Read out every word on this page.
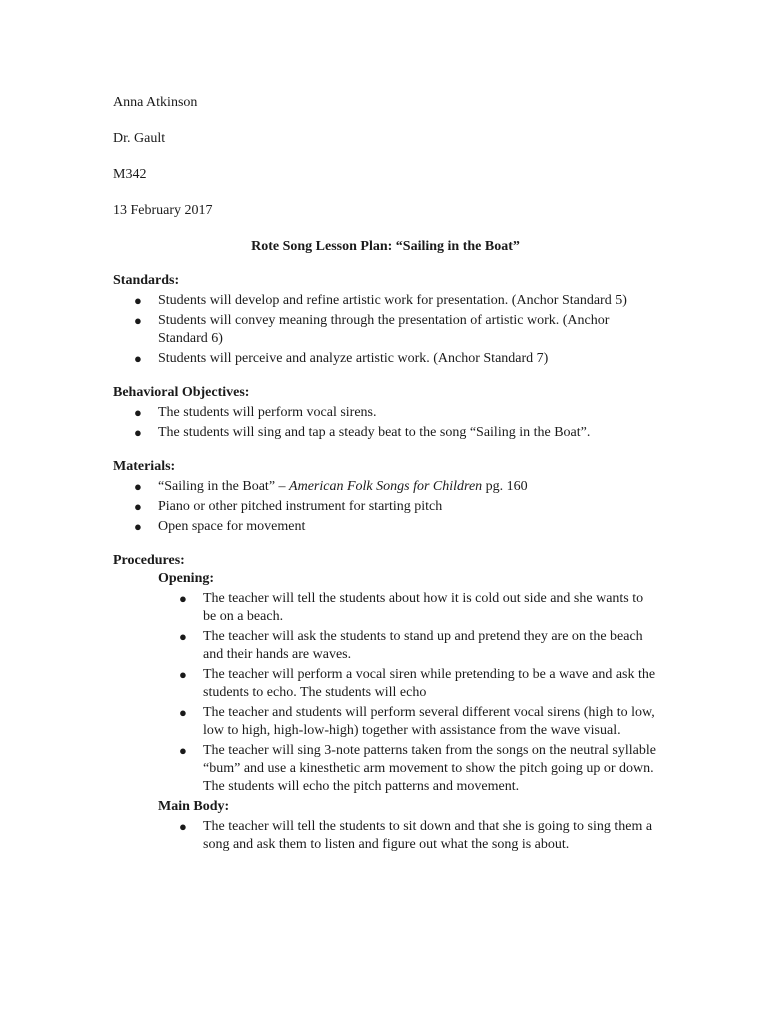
Anna Atkinson
Dr. Gault
M342
13 February 2017
Rote Song Lesson Plan: “Sailing in the Boat”
Standards:
● Students will develop and refine artistic work for presentation. (Anchor Standard 5)
● Students will convey meaning through the presentation of artistic work. (Anchor Standard 6)
● Students will perceive and analyze artistic work. (Anchor Standard 7)
Behavioral Objectives:
● The students will perform vocal sirens.
● The students will sing and tap a steady beat to the song “Sailing in the Boat”.
Materials:
● “Sailing in the Boat” – American Folk Songs for Children pg. 160
● Piano or other pitched instrument for starting pitch
● Open space for movement
Procedures:
Opening:
● The teacher will tell the students about how it is cold out side and she wants to be on a beach.
● The teacher will ask the students to stand up and pretend they are on the beach and their hands are waves.
● The teacher will perform a vocal siren while pretending to be a wave and ask the students to echo. The students will echo
● The teacher and students will perform several different vocal sirens (high to low, low to high, high-low-high) together with assistance from the wave visual.
● The teacher will sing 3-note patterns taken from the songs on the neutral syllable “bum” and use a kinesthetic arm movement to show the pitch going up or down. The students will echo the pitch patterns and movement.
Main Body:
● The teacher will tell the students to sit down and that she is going to sing them a song and ask them to listen and figure out what the song is about.
